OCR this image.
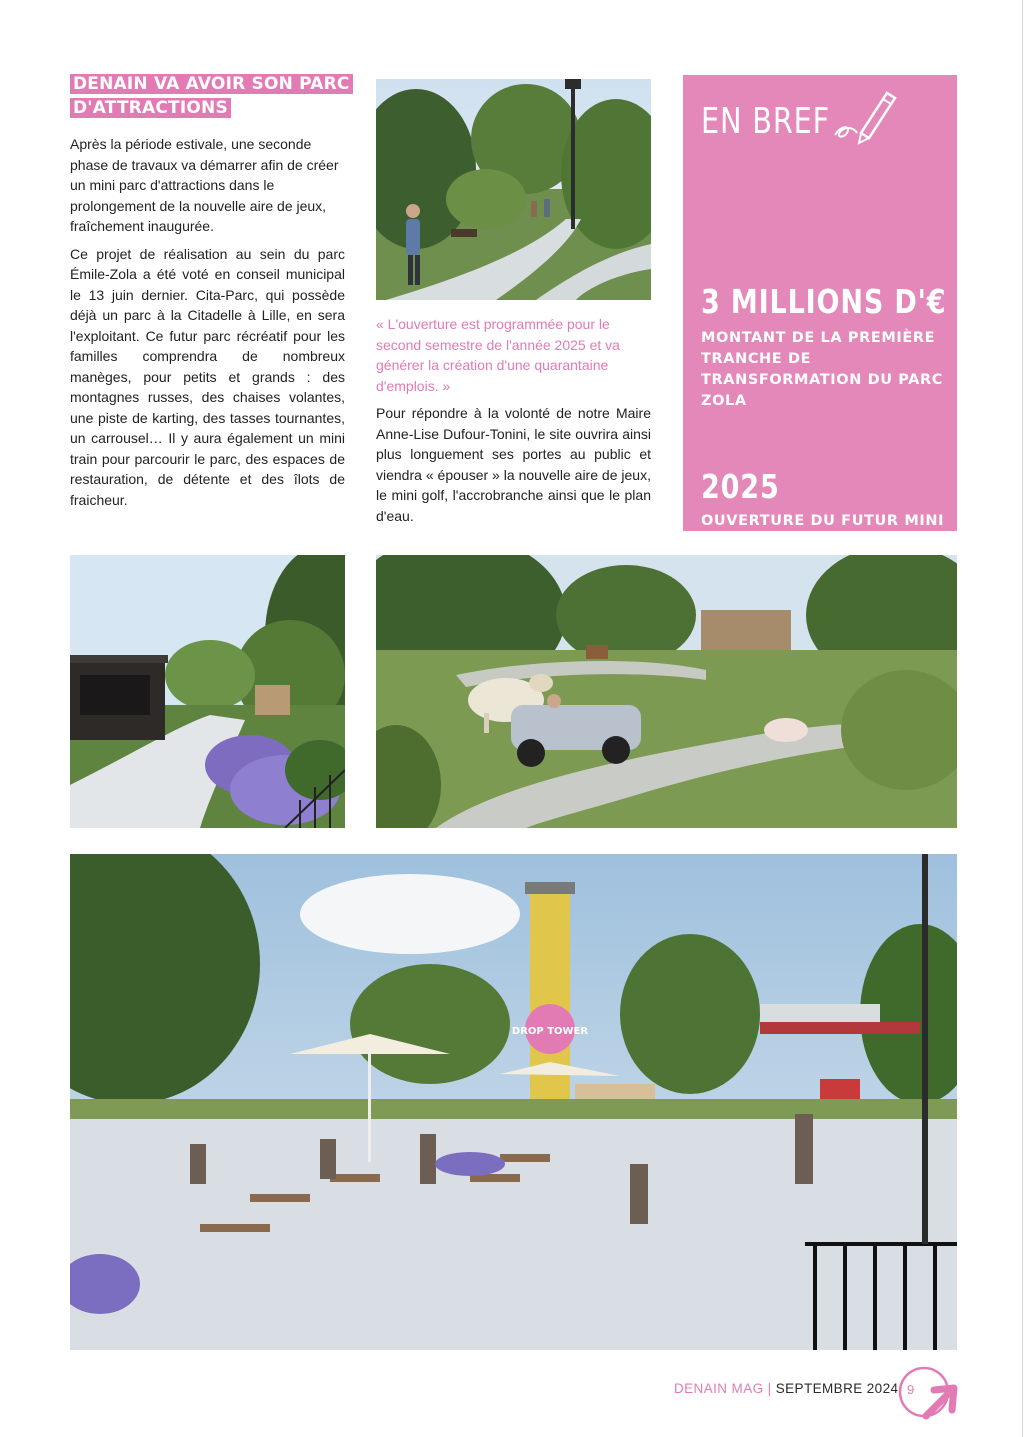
DENAIN VA AVOIR SON PARC D'ATTRACTIONS

Après la période estivale, une seconde phase de travaux va démarrer afin de créer un mini parc d'attractions dans le prolongement de la nouvelle aire de jeux, fraîchement inaugurée.

Ce projet de réalisation au sein du parc Émile-Zola a été voté en conseil municipal le 13 juin dernier. Cita-Parc, qui possède déjà un parc à la Citadelle à Lille, en sera l'exploitant. Ce futur parc récréatif pour les familles comprendra de nombreux manèges, pour petits et grands : des montagnes russes, des chaises volantes, une piste de karting, des tasses tournantes, un carrousel… Il y aura également un mini train pour parcourir le parc, des espaces de restauration, de détente et des îlots de fraicheur.

« L'ouverture est programmée pour le second semestre de l'année 2025 et va générer la création d'une quarantaine d'emplois. »

Pour répondre à la volonté de notre Maire Anne-Lise Dufour-Tonini, le site ouvrira ainsi plus longuement ses portes au public et viendra « épouser » la nouvelle aire de jeux, le mini golf, l'accrobranche ainsi que le plan d'eau.

EN BREF
3 MILLIONS D'€

MONTANT DE LA PREMIÈRE TRANCHE DE TRANSFORMATION DU PARC ZOLA

2025

OUVERTURE DU FUTUR MINI PARC D'ATTRACTION

DROP TOWER
DENAIN MAG | SEPTEMBRE 2024 9
